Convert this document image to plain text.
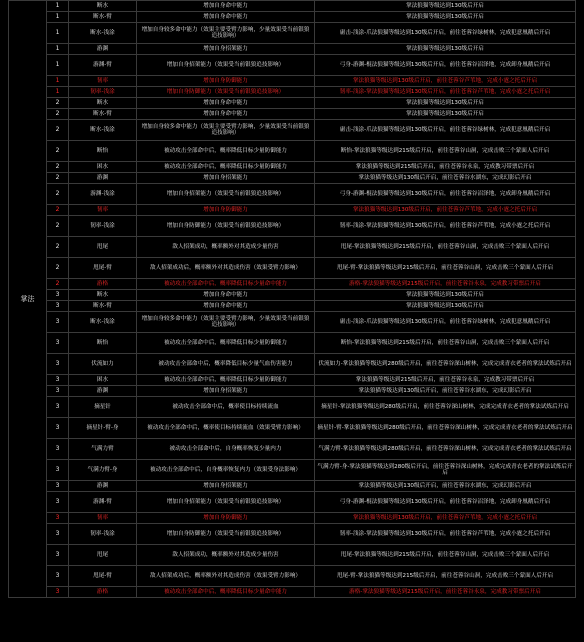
掌法	1	断水	增加自身命中能力	掌法狼猫等级达到130级后开启
	1	断水-臂	增加自身命中能力	掌法狼猫等级达到130级后开启
	1	断水-浅涂	增加自身较多命中能力（效果主要受臂力影响，少量效果受当前银狼追技影响）	庸击-浅涂-爪法狼猫等级达到130级后开启，前往苍蓉谷绿树林，完成犯意凰鹅后开启
	1	游渊	增加自身招架能力	掌法狼猫等级达到130级后开启
	1	游渊-臂	增加自身招架能力（效果受当前银狼追技影响）	弓身-游渊-棍法狼猫等级达到130级后开启，前往苍蓉谷沼泽地，完成卸身凰鹅后开启
	1	韧率	增加自身防御能力	掌法狼猫等级达到130级后开启，前往苍蓉谷芦苇地，完成小霆之托后开启
	1	韧率-浅涂	增加自身防御能力（效果受当前银狼追技影响）	韧率-浅涂-掌法狼猫等级达到130级后开启，前往苍蓉谷芦苇地，完成小霆之托后开启
	2	断水	增加自身命中能力	掌法狼猫等级达到130级后开启
	2	断水-臂	增加自身命中能力	掌法狼猫等级达到130级后开启
	2	断水-浅涂	增加自身较多命中能力（效果主要受臂力影响，少量效果受当前银狼追技影响）	庸击-浅涂-爪法狼猫等级达到130级后开启，前往苍蓉谷绿树林，完成犯意凰鹅后开启
	2	断怡	被动攻击全部命中后，概率降低目标少量防御能力	断怡-掌法狼猫等级达到215级后开启，前往苍蓉谷山洞，完成击败三个蒙面人后开启
	2	困水	被动攻击全部命中后，概率降低目标少量防御能力	掌法狼猫等级达到215级后开启，前往苍蓉谷永泉，完成教习带票后开启
	2	游渊	增加自身招架能力	掌法狼猫等级达到130级后开启，前往苍蓉谷水湖东，完成幻影后开启
	2	游渊-浅涂	增加自身招架能力（效果受当前银狼追技影响）	弓身-游渊-棍法狼猫等级达到130级后开启，前往苍蓉谷沼泽地，完成卸身凰鹅后开启
	2	韧率	增加自身防御能力	掌法狼猫等级达到130级后开启，前往苍蓉谷芦苇地，完成小霆之托后开启
	2	韧率-浅涂	增加自身防御能力（效果受当前银狼追技影响）	韧率-浅涂-掌法狼猫等级达到130级后开启，前往苍蓉谷芦苇地，完成小霆之托后开启
	2	甩尾	敌人招架成功，概率额外对其造成少量伤害	甩尾-掌法狼猫等级达到215级后开启，前往苍蓉谷山洞，完成击败三个蒙面人后开启
	2	甩尾-臂	敌人招架成功后，概率额外对其造成伤害（效果受臂力影响）	甩尾-臂-掌法狼猫等级达到215级后开启，前往苍蓉谷山洞，完成击败三个蒙面人后开启
	2	游格	被动攻击全部命中后，概率降低目标少量命中能力	游格-掌法狼猫等级达到215级后开启，前往苍蓉谷永泉，完成教习带票后开启
	3	断水	增加自身命中能力	掌法狼猫等级达到130级后开启
	3	断水-臂	增加自身命中能力	掌法狼猫等级达到130级后开启
	3	断水-浅涂	增加自身较多命中能力（效果主要受臂力影响，少量效果受当前银狼追技影响）	庸击-浅涂-爪法狼猫等级达到130级后开启，前往苍蓉谷绿树林，完成犯意凰鹅后开启
	3	断怡	被动攻击全部命中后，概率降低目标少量防御能力	断怡-掌法狼猫等级达到215级后开启，前往苍蓉谷山洞，完成击败三个蒙面人后开启
	3	伏流如力	被动攻击全部命中后，概率降低目标少量气血伤害能力	伏流如力-掌法狼猫等级达到280级后开启，前往苍蓉谷深山树林，完成完成青衣老者的掌法试炼后开启
	3	困水	被动攻击全部命中后，概率降低目标少量防御能力	掌法狼猫等级达到215级后开启，前往苍蓉谷永泉，完成教习带票后开启
	3	游渊	增加自身招架能力	掌法狼猫等级达到130级后开启，前往苍蓉谷水湖东，完成幻影后开启
	3	摘星针	被动攻击全部命中后，概率使目标持续流血	摘星针-掌法狼猫等级达到280级后开启，前往苍蓉谷深山树林，完成完成青衣老者的掌法试炼后开启
	3	摘星针-臂-身	被动攻击全部命中后，概率使目标持续流血（效果受臂力影响）	摘星针-臂-掌法狼猫等级达到280级后开启，前往苍蓉谷深山树林，完成完成青衣老者的掌法试炼后开启
	3	气满力臂	被动攻击全部命中后，自身概率恢复少量内力	气满力臂-掌法狼猫等级达到280级后开启，前往苍蓉谷深山树林，完成完成青衣老者的掌法试炼后开启
	3	气满力臂-身	被动攻击全部命中后，自身概率恢复内力（效果受身法影响）	气满力臂-身-掌法狼猫等级达到280级后开启，前往苍蓉谷深山树林，完成完成青衣老者的掌法试炼后开启
	3	游渊	增加自身招架能力	掌法狼猫等级达到130级后开启，前往苍蓉谷水湖东，完成幻影后开启
	3	游渊-臂	增加自身招架能力（效果受当前银狼追技影响）	弓身-游渊-棍法狼猫等级达到130级后开启，前往苍蓉谷沼泽地，完成卸身凰鹅后开启
	3	韧率	增加自身防御能力	掌法狼猫等级达到130级后开启，前往苍蓉谷芦苇地，完成小霆之托后开启
	3	韧率-浅涂	增加自身防御能力（效果受当前银狼追技影响）	韧率-浅涂-掌法狼猫等级达到130级后开启，前往苍蓉谷芦苇地，完成小霆之托后开启
	3	甩尾	敌人招架成功，概率额外对其造成少量伤害	甩尾-掌法狼猫等级达到215级后开启，前往苍蓉谷山洞，完成击败三个蒙面人后开启
	3	甩尾-臂	敌人招架成功后，概率额外对其造成伤害（效果受臂力影响）	甩尾-臂-掌法狼猫等级达到215级后开启，前往苍蓉谷山洞，完成击败三个蒙面人后开启
	3	游格	被动攻击全部命中后，概率降低目标少量命中能力	游格-掌法狼猫等级达到215级后开启，前往苍蓉谷永泉，完成教习带票后开启
